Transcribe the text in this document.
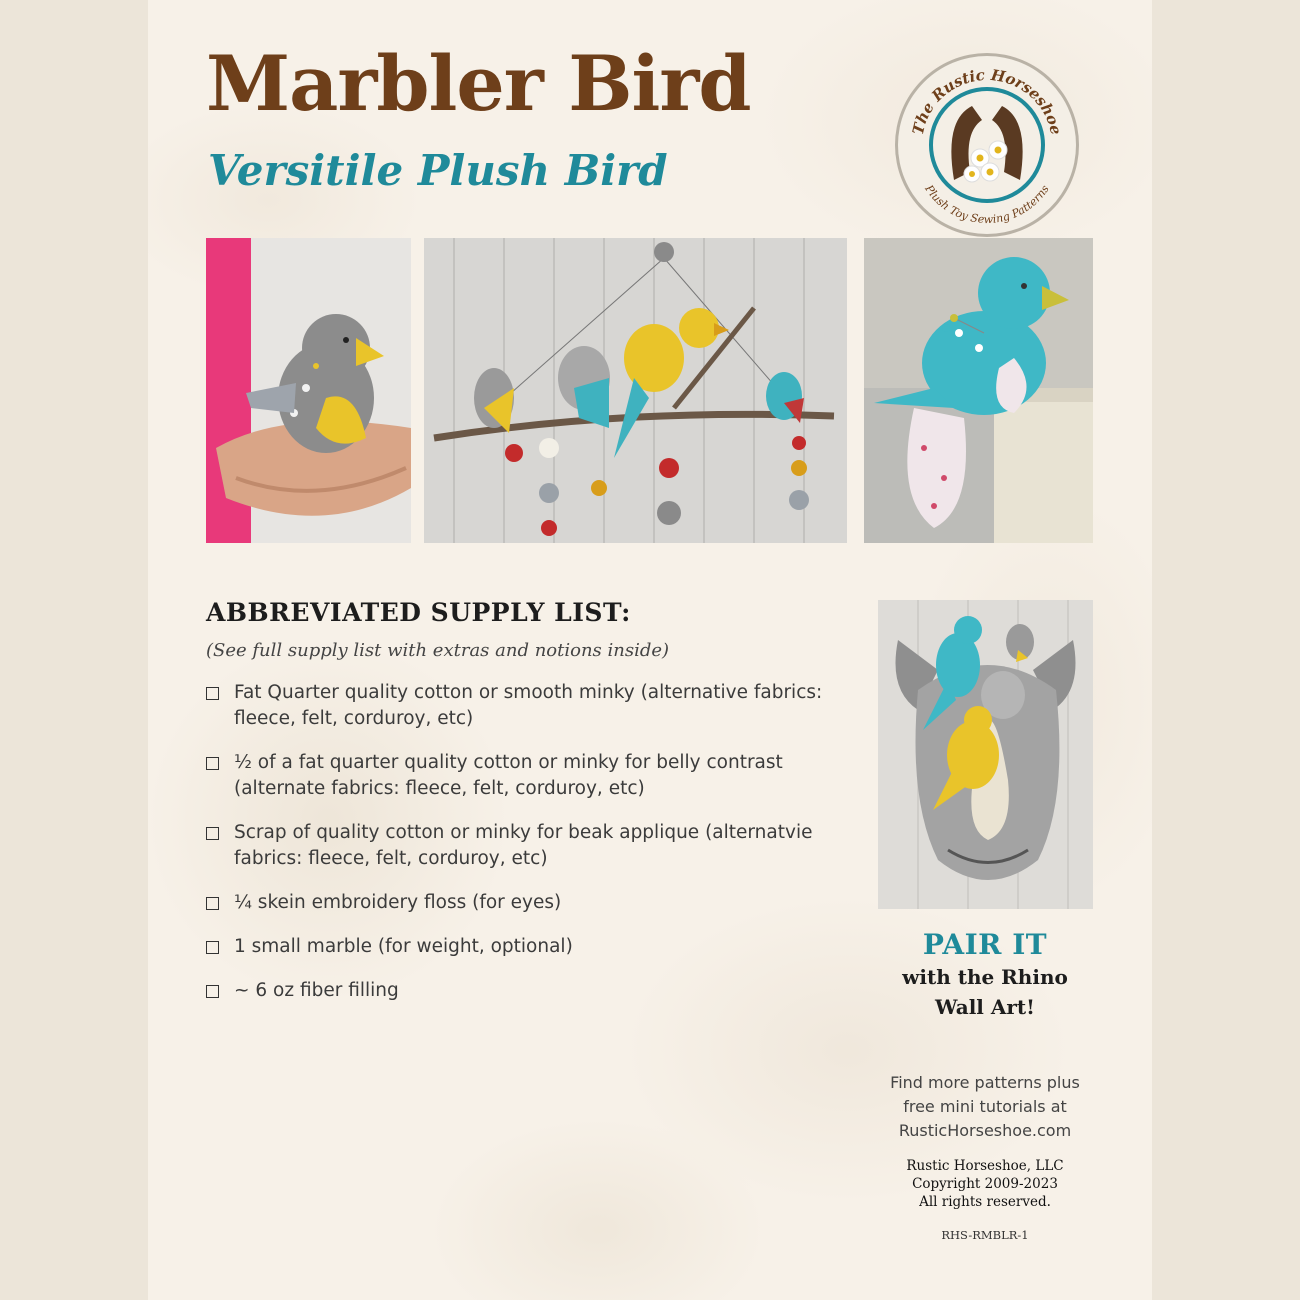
Marbler Bird
Versitile Plush Bird
The Rustic Horseshoe
Plush Toy Sewing Patterns
ABBREVIATED SUPPLY LIST:

(See full supply list with extras and notions inside)

Fat Quarter quality cotton or smooth minky (alternative fabrics: fleece, felt, corduroy, etc)
½ of a fat quarter quality cotton or minky for belly contrast (alternate fabrics: fleece, felt, corduroy, etc)
Scrap of quality cotton or minky for beak applique (alternatvie fabrics: fleece, felt, corduroy, etc)
¼ skein embroidery floss (for eyes)
1 small marble (for weight, optional)
~ 6 oz fiber filling

PAIR IT

with the Rhino

Wall Art!

Find more patterns plus
free mini tutorials at
RusticHorseshoe.com
Rustic Horseshoe, LLC
Copyright 2009-2023
All rights reserved.
RHS-RMBLR-1
